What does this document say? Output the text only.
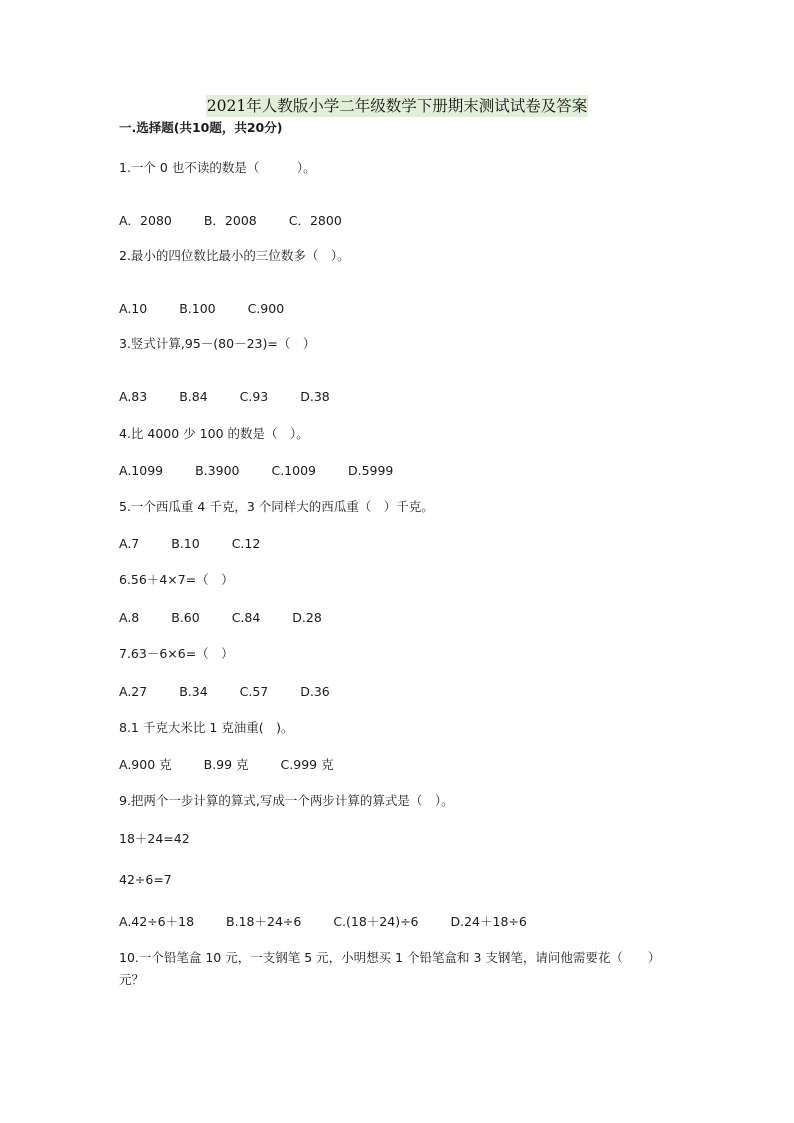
2021年人教版小学二年级数学下册期末测试试卷及答案
一.选择题(共10题，共20分)
1.一个 0 也不读的数是（　　　）。
A．2080	B．2008	C．2800
2.最小的四位数比最小的三位数多（　）。
A.10	B.100	C.900
3.竖式计算,95－(80－23)=（　）
A.83	B.84	C.93	D.38
4.比 4000 少 100 的数是（　）。
A.1099	B.3900	C.1009	D.5999
5.一个西瓜重 4 千克，3 个同样大的西瓜重（　）千克。
A.7	B.10	C.12
6.56＋4×7=（　）
A.8	B.60	C.84	D.28
7.63－6×6=（　）
A.27	B.34	C.57	D.36
8.1 千克大米比 1 克油重(　)。
A.900 克	B.99 克	C.999 克
9.把两个一步计算的算式,写成一个两步计算的算式是（　）。
18＋24=42
42÷6=7
A.42÷6＋18	B.18＋24÷6	C.(18＋24)÷6	D.24＋18÷6
10.一个铅笔盒 10 元，一支钢笔 5 元，小明想买 1 个铅笔盒和 3 支钢笔，请问他需要花（　　）元？
